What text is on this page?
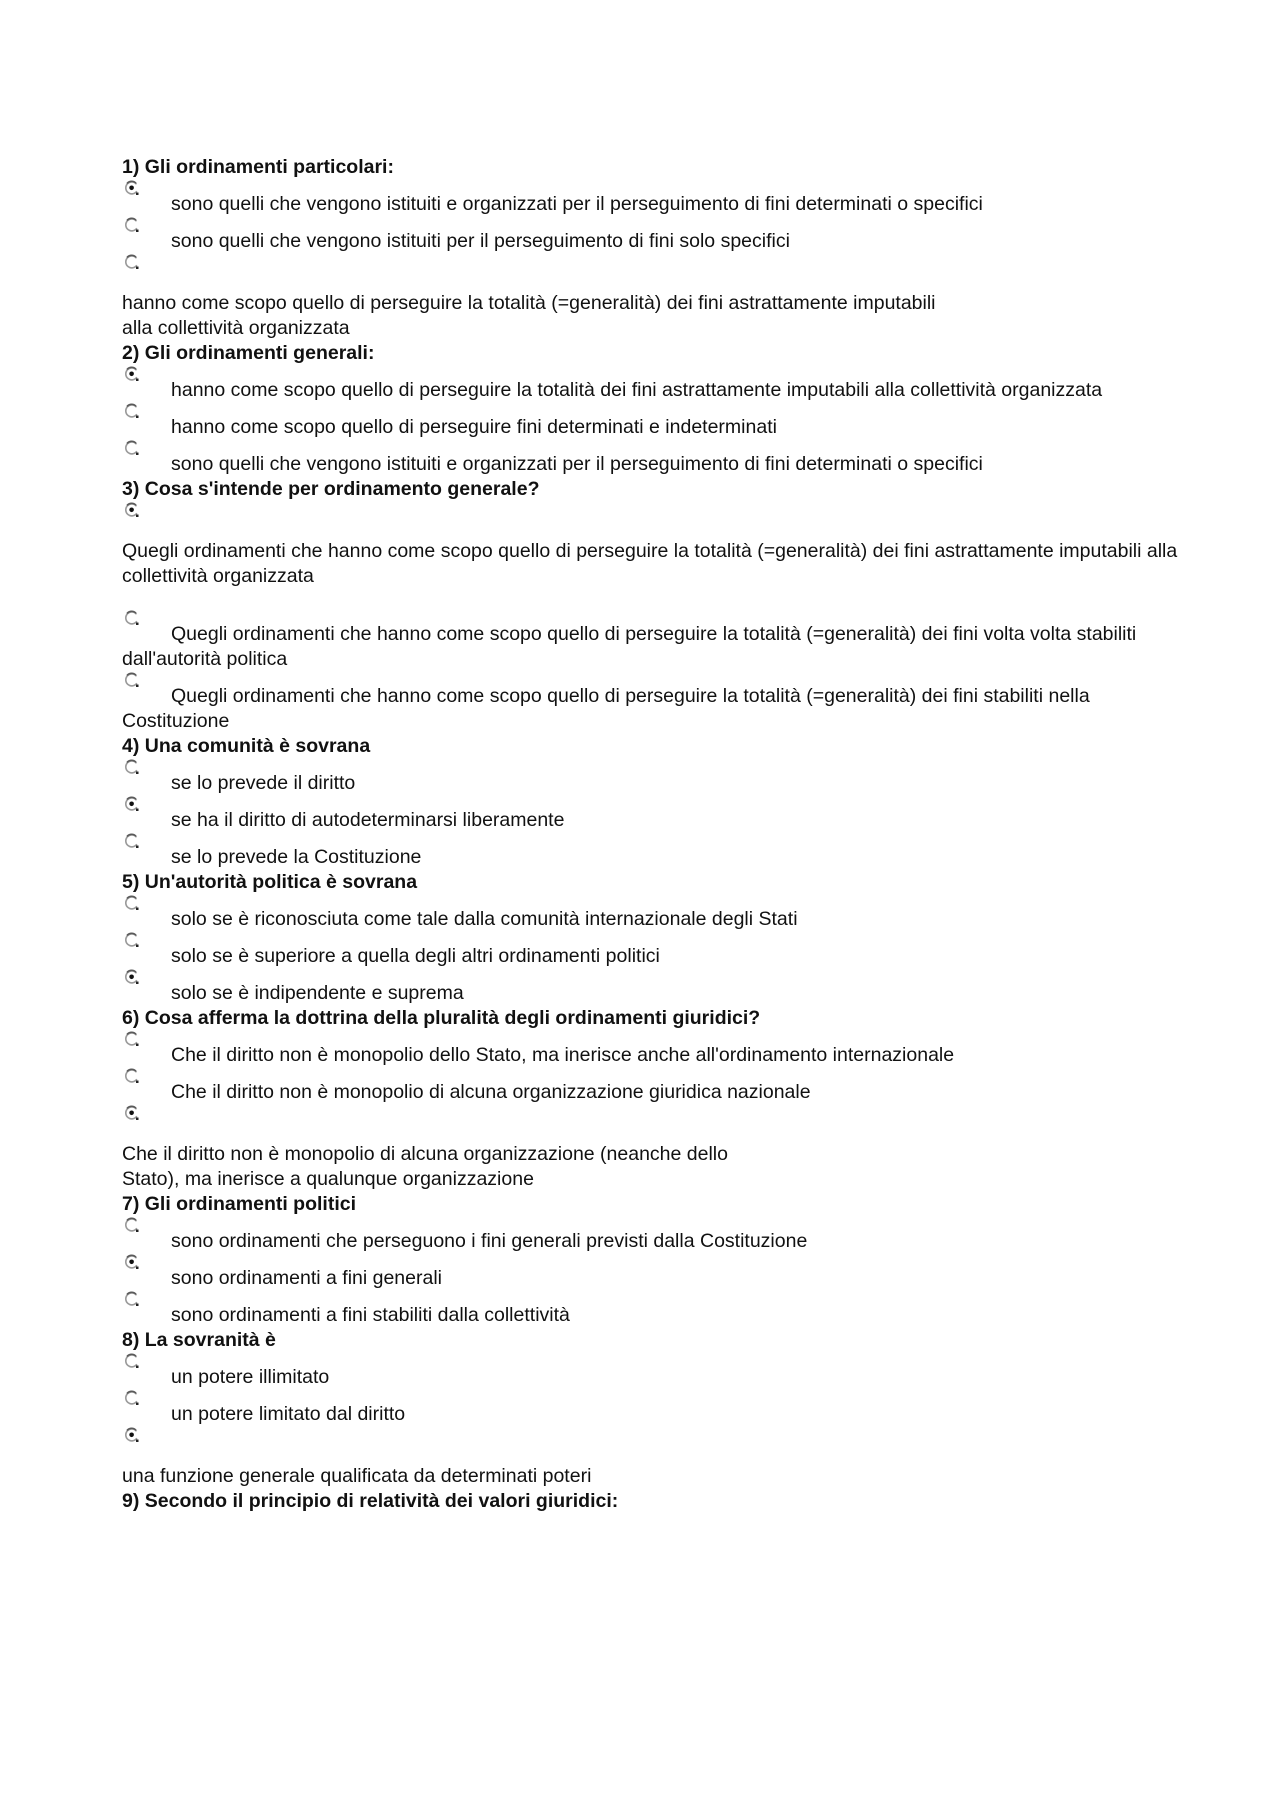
1) Gli ordinamenti particolari:
sono quelli che vengono istituiti e organizzati per il perseguimento di fini determinati o specifici
sono quelli che vengono istituiti per il perseguimento di fini solo specifici
hanno come scopo quello di perseguire la totalità (=generalità) dei fini astrattamente imputabili
alla collettività organizzata
2) Gli ordinamenti generali:
hanno come scopo quello di perseguire la totalità dei fini astrattamente imputabili alla collettività organizzata
hanno come scopo quello di perseguire fini determinati e indeterminati
sono quelli che vengono istituiti e organizzati per il perseguimento di fini determinati o specifici
3) Cosa s'intende per ordinamento generale?
Quegli ordinamenti che hanno come scopo quello di perseguire la totalità (=generalità) dei fini astrattamente imputabili alla collettività organizzata
Quegli ordinamenti che hanno come scopo quello di perseguire la totalità (=generalità) dei fini volta volta stabiliti dall'autorità politica
Quegli ordinamenti che hanno come scopo quello di perseguire la totalità (=generalità) dei fini stabiliti nella Costituzione
4) Una comunità è sovrana
se lo prevede il diritto
se ha il diritto di autodeterminarsi liberamente
se lo prevede la Costituzione
5) Un'autorità politica è sovrana
solo se è riconosciuta come tale dalla comunità internazionale degli Stati
solo se è superiore a quella degli altri ordinamenti politici
solo se è indipendente e suprema
6) Cosa afferma la dottrina della pluralità degli ordinamenti giuridici?
Che il diritto non è monopolio dello Stato, ma inerisce anche all'ordinamento internazionale
Che il diritto non è monopolio di alcuna organizzazione giuridica nazionale
Che il diritto non è monopolio di alcuna organizzazione (neanche dello
Stato), ma inerisce a qualunque organizzazione
7) Gli ordinamenti politici
sono ordinamenti che perseguono i fini generali previsti dalla Costituzione
sono ordinamenti a fini generali
sono ordinamenti a fini stabiliti dalla collettività
8) La sovranità è
un potere illimitato
un potere limitato dal diritto
una funzione generale qualificata da determinati poteri
9) Secondo il principio di relatività dei valori giuridici:
